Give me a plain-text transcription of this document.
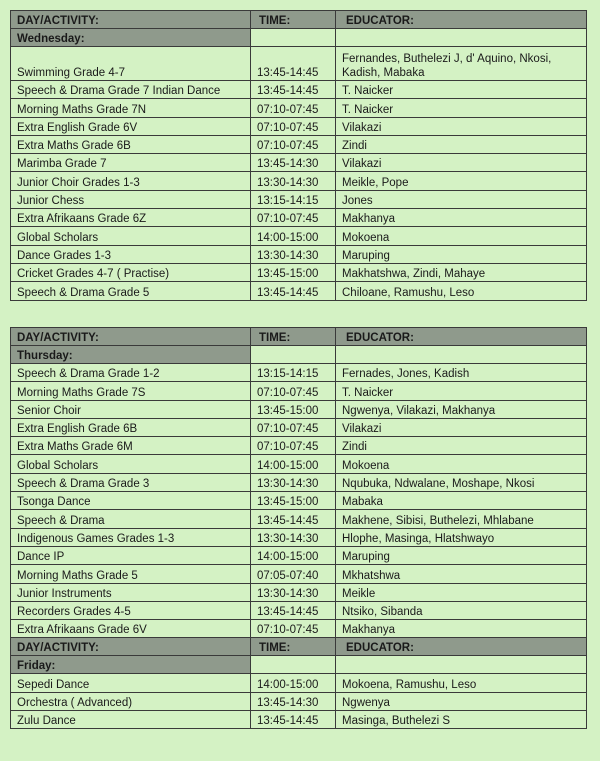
DAY/ACTIVITY:	TIME:	EDUCATOR:
Wednesday:		
Swimming Grade 4-7	13:45-14:45	Fernandes, Buthelezi J, d' Aquino, Nkosi, Kadish, Mabaka
Speech & Drama Grade 7 Indian Dance	13:45-14:45	T. Naicker
Morning Maths Grade 7N	07:10-07:45	T. Naicker
Extra English Grade 6V	07:10-07:45	Vilakazi
Extra Maths Grade 6B	07:10-07:45	Zindi
Marimba Grade 7	13:45-14:30	Vilakazi
Junior Choir Grades 1-3	13:30-14:30	Meikle, Pope
Junior Chess	13:15-14:15	Jones
Extra Afrikaans Grade 6Z	07:10-07:45	Makhanya
Global Scholars	14:00-15:00	Mokoena
Dance Grades 1-3	13:30-14:30	Maruping
Cricket Grades 4-7 ( Practise)	13:45-15:00	Makhatshwa, Zindi, Mahaye
Speech & Drama Grade 5	13:45-14:45	Chiloane, Ramushu, Leso
DAY/ACTIVITY:	TIME:	EDUCATOR:
Thursday:		
Speech & Drama Grade 1-2	13:15-14:15	Fernades, Jones, Kadish
Morning Maths Grade 7S	07:10-07:45	T. Naicker
Senior Choir	13:45-15:00	Ngwenya, Vilakazi, Makhanya
Extra English Grade 6B	07:10-07:45	Vilakazi
Extra Maths Grade 6M	07:10-07:45	Zindi
Global Scholars	14:00-15:00	Mokoena
Speech & Drama Grade 3	13:30-14:30	Nqubuka, Ndwalane, Moshape, Nkosi
Tsonga Dance	13:45-15:00	Mabaka
Speech & Drama	13:45-14:45	Makhene, Sibisi, Buthelezi, Mhlabane
Indigenous Games Grades 1-3	13:30-14:30	Hlophe, Masinga, Hlatshwayo
Dance IP	14:00-15:00	Maruping
Morning Maths Grade 5	07:05-07:40	Mkhatshwa
Junior Instruments	13:30-14:30	Meikle
Recorders Grades 4-5	13:45-14:45	Ntsiko, Sibanda
Extra Afrikaans Grade 6V	07:10-07:45	Makhanya
DAY/ACTIVITY:	TIME:	EDUCATOR:
Friday:		
Sepedi Dance	14:00-15:00	Mokoena, Ramushu, Leso
Orchestra ( Advanced)	13:45-14:30	Ngwenya
Zulu Dance	13:45-14:45	Masinga, Buthelezi S
